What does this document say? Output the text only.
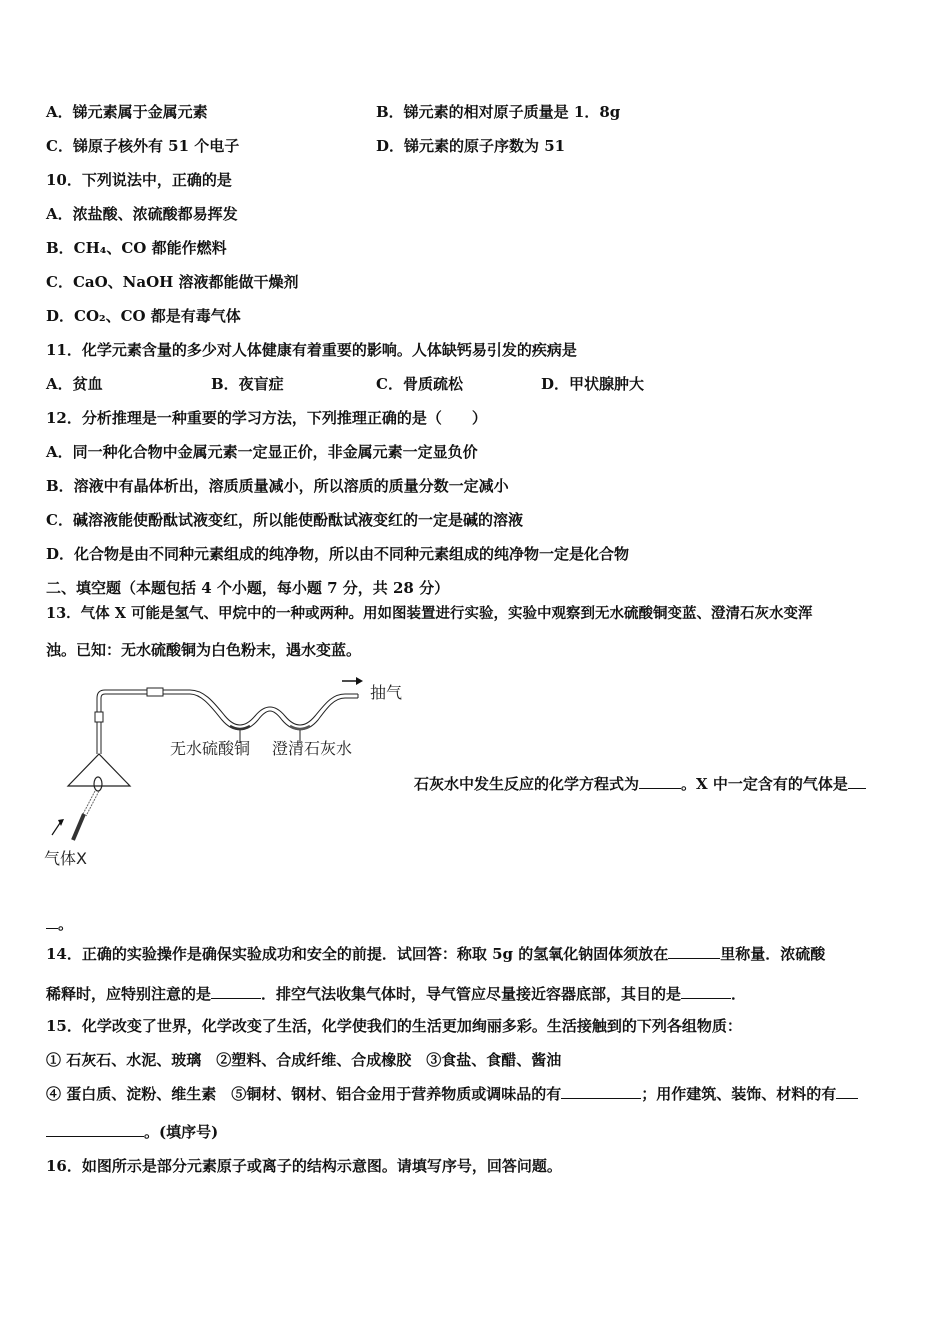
A．锑元素属于金属元素	B．锑元素的相对原子质量是 1．8g
C．锑原子核外有 51 个电子	D．锑元素的原子序数为 51
10．下列说法中，正确的是
A．浓盐酸、浓硫酸都易挥发
B．CH₄、CO 都能作燃料
C．CaO、NaOH 溶液都能做干燥剂
D．CO₂、CO 都是有毒气体
11．化学元素含量的多少对人体健康有着重要的影响。人体缺钙易引发的疾病是
A．贫血	B．夜盲症	C．骨质疏松	D．甲状腺肿大
12．分析推理是一种重要的学习方法，下列推理正确的是（　　）
A．同一种化合物中金属元素一定显正价，非金属元素一定显负价
B．溶液中有晶体析出，溶质质量减小，所以溶质的质量分数一定减小
C．碱溶液能使酚酞试液变红，所以能使酚酞试液变红的一定是碱的溶液
D．化合物是由不同种元素组成的纯净物，所以由不同种元素组成的纯净物一定是化合物
二、填空题（本题包括 4 个小题，每小题 7 分，共 28 分）
13．气体 X 可能是氢气、甲烷中的一种或两种。用如图装置进行实验，实验中观察到无水硫酸铜变蓝、澄清石灰水变浑
浊。已知：无水硫酸铜为白色粉末，遇水变蓝。
抽气
无水硫酸铜 澄清石灰水
气体X
石灰水中发生反应的化学方程式为	。X 中一定含有的气体是
。
14．正确的实验操作是确保实验成功和安全的前提．试回答：称取 5g 的氢氧化钠固体须放在	里称量．浓硫酸
稀释时，应特别注意的是	．排空气法收集气体时，导气管应尽量接近容器底部，其目的是	．
15．化学改变了世界，化学改变了生活，化学使我们的生活更加绚丽多彩。生活接触到的下列各组物质：
① 石灰石、水泥、玻璃　②塑料、合成纤维、合成橡胶　③食盐、食醋、酱油
④ 蛋白质、淀粉、维生素　⑤铜材、钢材、铝合金用于营养物质或调味品的有	；用作建筑、装饰、材料的有
。(填序号)
16．如图所示是部分元素原子或离子的结构示意图。请填写序号，回答问题。
